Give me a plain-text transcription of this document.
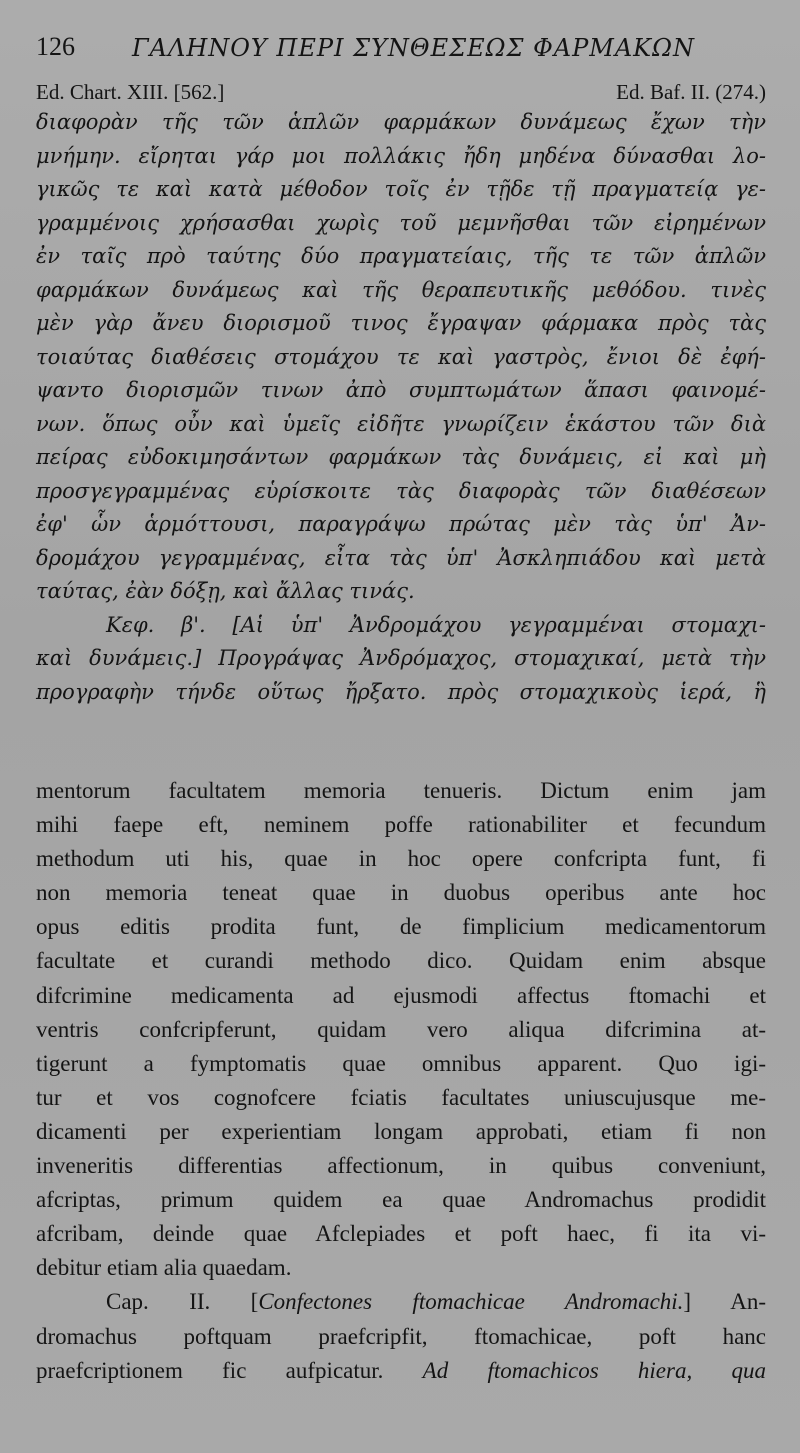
126 ΓΑΛΗΝΟΥ ΠΕΡΙ ΣΥΝΘΕΣΕΩΣ ΦΑΡΜΑΚΩΝ
Ed. Chart. XIII. [562.]	Ed. Baf. II. (274.)
διαφορὰν τῆς τῶν ἁπλῶν φαρμάκων δυνάμεως ἔχων τὴν
μνήμην. εἴρηται γάρ μοι πολλάκις ἤδη μηδένα δύνασθαι λο-
γικῶς τε καὶ κατὰ μέθοδον τοῖς ἐν τῇδε τῇ πραγματείᾳ γε-
γραμμένοις χρήσασθαι χωρὶς τοῦ μεμνῆσθαι τῶν εἰρημένων
ἐν ταῖς πρὸ ταύτης δύο πραγματείαις, τῆς τε τῶν ἁπλῶν
φαρμάκων δυνάμεως καὶ τῆς θεραπευτικῆς μεθόδου. τινὲς
μὲν γὰρ ἄνευ διορισμοῦ τινος ἔγραψαν φάρμακα πρὸς τὰς
τοιαύτας διαθέσεις στομάχου τε καὶ γαστρὸς, ἔνιοι δὲ ἐφή-
ψαντο διορισμῶν τινων ἀπὸ συμπτωμάτων ἅπασι φαινομέ-
νων. ὅπως οὖν καὶ ὑμεῖς εἰδῆτε γνωρίζειν ἑκάστου τῶν διὰ
πείρας εὐδοκιμησάντων φαρμάκων τὰς δυνάμεις, εἰ καὶ μὴ
προσγεγραμμένας εὑρίσκοιτε τὰς διαφορὰς τῶν διαθέσεων
ἐφ' ὧν ἁρμόττουσι, παραγράψω πρώτας μὲν τὰς ὑπ' Ἀν-
δρομάχου γεγραμμένας, εἶτα τὰς ὑπ' Ἀσκληπιάδου καὶ μετὰ
ταύτας, ἐὰν δόξῃ, καὶ ἄλλας τινάς.
Κεφ. β'. [Αἱ ὑπ' Ἀνδρομάχου γεγραμμέναι στομαχι-
καὶ δυνάμεις.] Προγράψας Ἀνδρόμαχος, στομαχικαί, μετὰ τὴν
προγραφὴν τήνδε οὕτως ἤρξατο. πρὸς στομαχικοὺς ἱερά, ἣ
mentorum facultatem memoria tenueris. Dictum enim jam
mihi faepe eft, neminem poffe rationabiliter et fecundum
methodum uti his, quae in hoc opere confcripta funt, fi
non memoria teneat quae in duobus operibus ante hoc
opus editis prodita funt, de fimplicium medicamentorum
facultate et curandi methodo dico. Quidam enim absque
difcrimine medicamenta ad ejusmodi affectus ftomachi et
ventris confcripferunt, quidam vero aliqua difcrimina at-
tigerunt a fymptomatis quae omnibus apparent. Quo igi-
tur et vos cognofcere fciatis facultates uniuscujusque me-
dicamenti per experientiam longam approbati, etiam fi non
inveneritis differentias affectionum, in quibus conveniunt,
afcriptas, primum quidem ea quae Andromachus prodidit
afcribam, deinde quae Afclepiades et poft haec, fi ita vi-
debitur etiam alia quaedam.
Cap. II. [Confectones ftomachicae Andromachi.] An-
dromachus poftquam praefcripfit, ftomachicae, poft hanc
praefcriptionem fic aufpicatur. Ad ftomachicos hiera, qua
